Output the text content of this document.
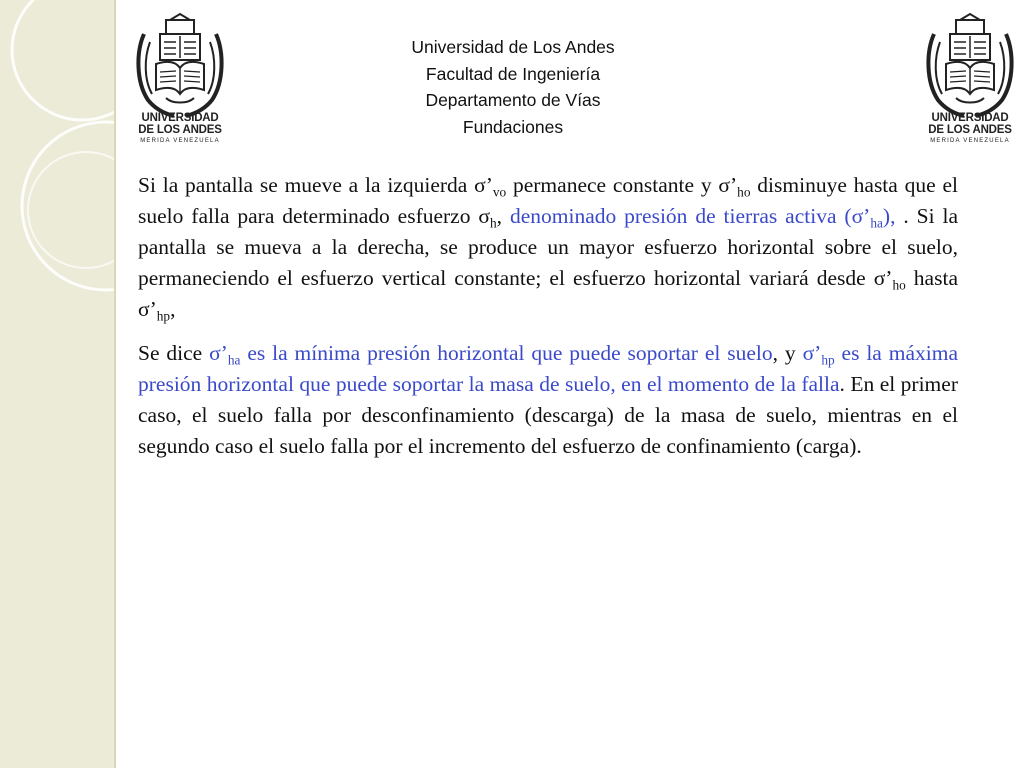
UNIVERSIDAD
DE LOS ANDES
MERIDA VENEZUELA
UNIVERSIDAD
DE LOS ANDES
MERIDA VENEZUELA
Universidad de Los Andes
Facultad de Ingeniería
Departamento de Vías
Fundaciones

Si la pantalla se mueve a la izquierda $\sigma’_{vo}$ permanece constante y $\sigma’_{ho}$ disminuye hasta que el suelo falla para determinado esfuerzo $\sigma_h$, denominado presión de tierras activa $(\sigma’_{ha})$, . Si la pantalla se mueva a la derecha, se produce un mayor esfuerzo horizontal sobre el suelo, permaneciendo el esfuerzo vertical constante; el esfuerzo horizontal variará desde $\sigma’_{ho}$ hasta $\sigma’_{hp}$,

Se dice $\sigma’_{ha}$ es la mínima presión horizontal que puede soportar el suelo, y $\sigma’_{hp}$ es la máxima presión horizontal que puede soportar la masa de suelo, en el momento de la falla. En el primer caso, el suelo falla por desconfinamiento (descarga) de la masa de suelo, mientras en el segundo caso el suelo falla por el incremento del esfuerzo de confinamiento (carga).
